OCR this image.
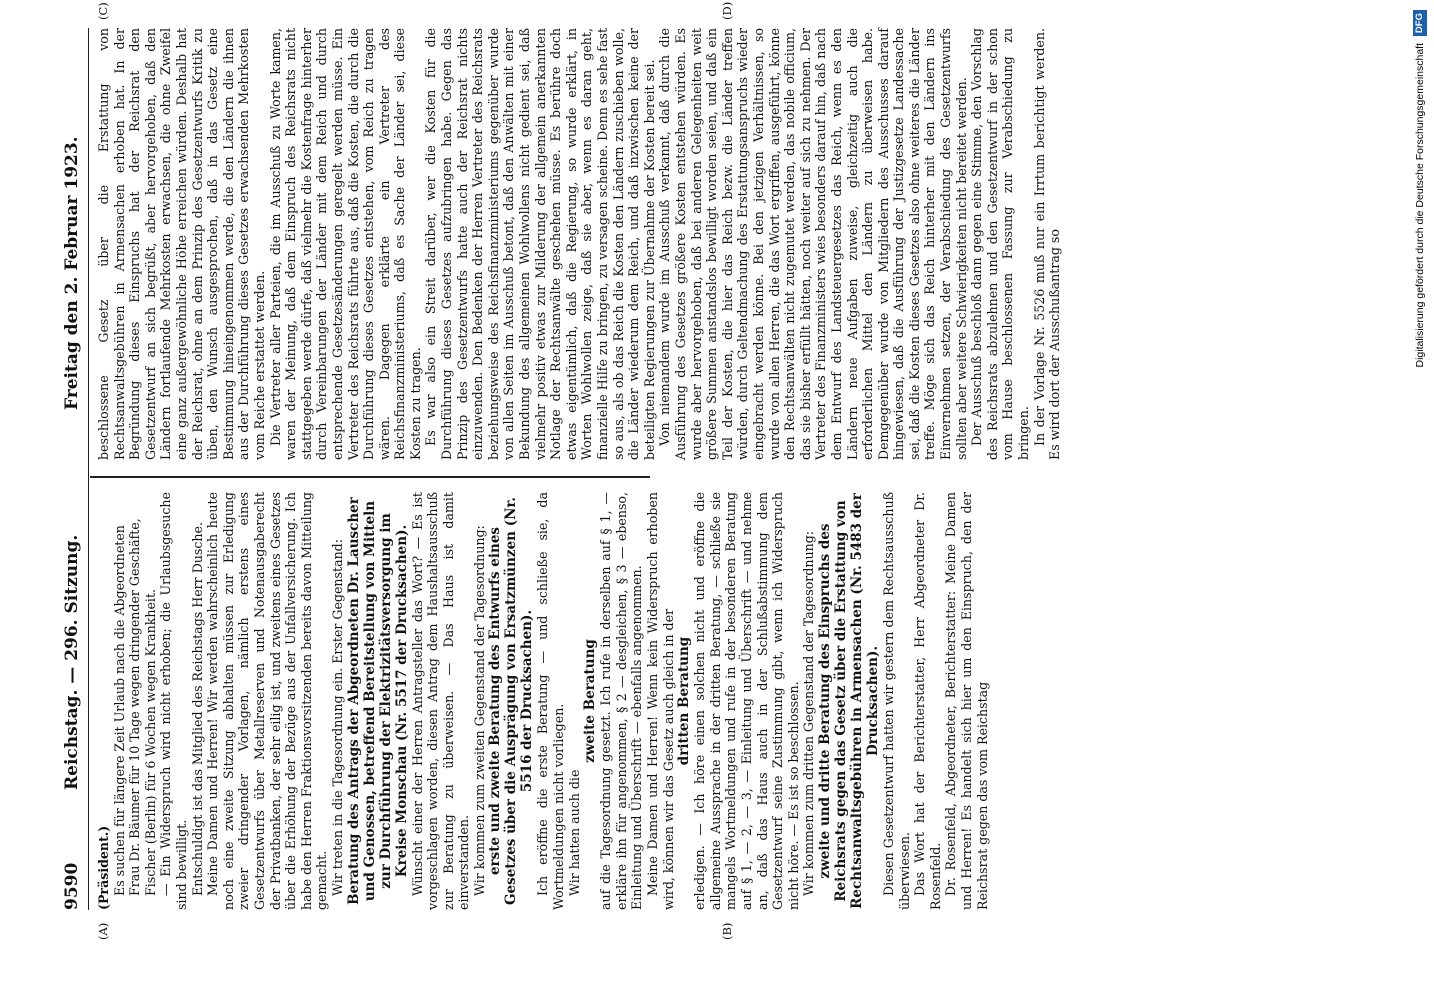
9590
Reichstag. — 296. Sitzung.
Freitag den 2. Februar 1923.
(A)	(B)
(C)	(D)

(Präsident.) Es suchen für längere Zeit Urlaub nach die Abgeordneten Frau Dr. Bäumer für 10 Tage wegen dringender Geschäfte, Fischer (Berlin) für 6 Wochen wegen Krankheit. — Ein Widerspruch wird nicht erhoben; die Urlaubsgesuche sind bewilligt. Entschuldigt ist das Mitglied des Reichstags Herr Dusche. Meine Damen und Herren! Wir werden wahrscheinlich heute noch eine zweite Sitzung abhalten müssen zur Erledigung zweier dringender Vorlagen, nämlich erstens eines Gesetzentwurfs über Metallreserven und Notenausgaberecht der Privatbanken, der sehr eilig ist, und zweitens eines Gesetzes über die Erhöhung der Bezüge aus der Unfallversicherung. Ich habe den Herren Fraktionsvorsitzenden bereits davon Mitteilung gemacht. Wir treten in die Tagesordnung ein. Erster Gegenstand: Beratung des Antrags der Abgeordneten Dr. Lauscher und Genossen, betreffend Bereitstellung von Mitteln zur Durchführung der Elektrizitätsversorgung im Kreise Monschau (Nr. 5517 der Drucksachen). Wünscht einer der Herren Antragsteller das Wort? — Es ist vorgeschlagen worden, diesen Antrag dem Haushaltsausschuß zur Beratung zu überweisen. — Das Haus ist damit einverstanden. Wir kommen zum zweiten Gegenstand der Tagesordnung: erste und zweite Beratung des Entwurfs eines Gesetzes über die Ausprägung von Ersatzmünzen (Nr. 5516 der Drucksachen). Ich eröffne die erste Beratung — und schließe sie, da Wortmeldungen nicht vorliegen. Wir hatten auch die

zweite Beratung auf die Tagesordnung gesetzt. Ich rufe in derselben auf § 1, — erkläre ihn für angenommen, § 2 — desgleichen, § 3 — ebenso, Einleitung und Überschrift — ebenfalls angenommen. Meine Damen und Herren! Wenn kein Widerspruch erhoben wird, können wir das Gesetz auch gleich in der dritten Beratung erledigen. — Ich höre einen solchen nicht und eröffne die allgemeine Aussprache in der dritten Beratung, — schließe sie mangels Wortmeldungen und rufe in der besonderen Beratung auf § 1, — 2, — 3, — Einleitung und Überschrift — und nehme an, daß das Haus auch in der Schlußabstimmung dem Gesetzentwurf seine Zustimmung gibt, wenn ich Widerspruch nicht höre. — Es ist so beschlossen. Wir kommen zum dritten Gegenstand der Tagesordnung: zweite und dritte Beratung des Einspruchs des Reichsrats gegen das Gesetz über die Erstattung von Rechtsanwaltsgebühren in Armensachen (Nr. 5483 der Drucksachen). Diesen Gesetzentwurf hatten wir gestern dem Rechtsausschuß überwiesen. Das Wort hat der Berichterstatter, Herr Abgeordneter Dr. Rosenfeld. Dr. Rosenfeld, Abgeordneter, Berichterstatter: Meine Damen und Herren! Es handelt sich hier um den Einspruch, den der Reichsrat gegen das vom Reichstag

beschlossene Gesetz über die Erstattung von Rechtsanwaltsgebühren in Armensachen erhoben hat. In der Begründung dieses Einspruchs hat der Reichsrat den Gesetzentwurf an sich begrüßt, aber hervorgehoben, daß den Ländern fortlaufende Mehrkosten erwachsen, die ohne Zweifel eine ganz außergewöhnliche Höhe erreichen würden. Deshalb hat der Reichsrat, ohne an dem Prinzip des Gesetzentwurfs Kritik zu üben, den Wunsch ausgesprochen, daß in das Gesetz eine Bestimmung hineingenommen werde, die den Ländern die ihnen aus der Durchführung dieses Gesetzes erwachsenden Mehrkosten vom Reiche erstattet werden. Die Vertreter aller Parteien, die im Ausschuß zu Worte kamen, waren der Meinung, daß dem Einspruch des Reichsrats nicht stattgegeben werde dürfe, daß vielmehr die Kostenfrage hinterher durch Vereinbarungen der Länder mit dem Reich und durch entsprechende Gesetzesänderungen geregelt werden müsse. Ein Vertreter des Reichsrats führte aus, daß die Kosten, die durch die Durchführung dieses Gesetzes entstehen, vom Reich zu tragen wären. Dagegen erklärte ein Vertreter des Reichsfinanzministeriums, daß es Sache der Länder sei, diese Kosten zu tragen. Es war also ein Streit darüber, wer die Kosten für die Durchführung dieses Gesetzes aufzubringen habe. Gegen das Prinzip des Gesetzentwurfs hatte auch der Reichsrat nichts einzuwenden. Den Bedenken der Herren Vertreter des Reichsrats beziehungsweise des Reichsfinanzministeriums gegenüber wurde von allen Seiten im Ausschuß betont, daß den Anwälten mit einer Bekundung des allgemeinen Wohlwollens nicht gedient sei, daß vielmehr positiv etwas zur Milderung der allgemein anerkannten Notlage der Rechtsanwälte geschehen müsse. Es berühre doch etwas eigentümlich, daß die Regierung, so wurde erklärt, in Worten Wohlwollen zeige, daß sie aber, wenn es daran geht, finanzielle Hilfe zu bringen, zu versagen scheine. Denn es sehe fast so aus, als ob das Reich die Kosten den Ländern zuschieben wolle, die Länder wiederum dem Reich, und daß inzwischen keine der beteiligten Regierungen zur Übernahme der Kosten bereit sei. Von niemandem wurde im Ausschuß verkannt, daß durch die Ausführung des Gesetzes größere Kosten entstehen würden. Es wurde aber hervorgehoben, daß bei anderen Gelegenheiten weit größere Summen anstandslos bewilligt worden seien, und daß ein Teil der Kosten, die hier das Reich bezw. die Länder treffen würden, durch Geltendmachung des Erstattungsanspruchs wieder eingebracht werden könne. Bei den jetzigen Verhältnissen, so wurde von allen Herren, die das Wort ergriffen, ausgeführt, könne den Rechtsanwälten nicht zugemutet werden, das nobile officium, das sie bisher erfüllt hätten, noch weiter auf sich zu nehmen. Der Vertreter des Finanzministers wies besonders darauf hin, daß nach dem Entwurf des Landsteuergesetzes das Reich, wenn es den Ländern neue Aufgaben zuweise, gleichzeitig auch die erforderlichen Mittel den Ländern zu überweisen habe. Demgegenüber wurde von Mitgliedern des Ausschusses darauf hingewiesen, daß die Ausführung der Justizgesetze Landessache sei, daß die Kosten dieses Gesetzes also ohne weiteres die Länder treffe. Möge sich das Reich hinterher mit den Ländern ins Einvernehmen setzen, der Verabschiedung des Gesetzentwurfs sollten aber weitere Schwierigkeiten nicht bereitet werden. Der Ausschuß beschloß dann gegen eine Stimme, den Vorschlag des Reichsrats abzulehnen und den Gesetzentwurf in der schon vom Hause beschlossenen Fassung zur Verabschiedung zu bringen. In der Vorlage Nr. 5526 muß nur ein Irrtum berichtigt werden. Es wird dort der Ausschußantrag so	Digitalisierung gefördert durch die Deutsche Forschungsgemeinschaft DFG
